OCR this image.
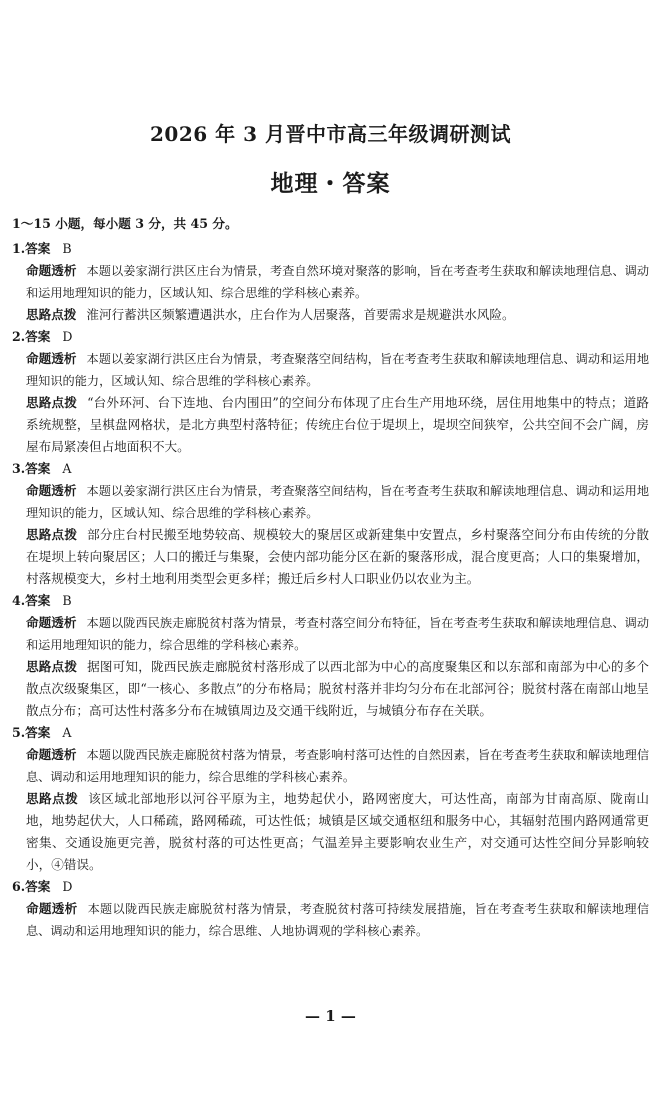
2026 年 3 月晋中市高三年级调研测试
地理・答案
1～15 小题，每小题 3 分，共 45 分。
1.答案 B
命题透析 本题以姜家湖行洪区庄台为情景，考查自然环境对聚落的影响，旨在考查考生获取和解读地理信息、调动和运用地理知识的能力，区域认知、综合思维的学科核心素养。
思路点拨 淮河行蓄洪区频繁遭遇洪水，庄台作为人居聚落，首要需求是规避洪水风险。
2.答案 D
命题透析 本题以姜家湖行洪区庄台为情景，考查聚落空间结构，旨在考查考生获取和解读地理信息、调动和运用地理知识的能力，区域认知、综合思维的学科核心素养。
思路点拨 “台外环河、台下连地、台内围田”的空间分布体现了庄台生产用地环绕，居住用地集中的特点；道路系统规整，呈棋盘网格状，是北方典型村落特征；传统庄台位于堤坝上，堤坝空间狭窄，公共空间不会广阔，房屋布局紧凑但占地面积不大。
3.答案 A
命题透析 本题以姜家湖行洪区庄台为情景，考查聚落空间结构，旨在考查考生获取和解读地理信息、调动和运用地理知识的能力，区域认知、综合思维的学科核心素养。
思路点拨 部分庄台村民搬至地势较高、规模较大的聚居区或新建集中安置点，乡村聚落空间分布由传统的分散在堤坝上转向聚居区；人口的搬迁与集聚，会使内部功能分区在新的聚落形成，混合度更高；人口的集聚增加，村落规模变大，乡村土地利用类型会更多样；搬迁后乡村人口职业仍以农业为主。
4.答案 B
命题透析 本题以陇西民族走廊脱贫村落为情景，考查村落空间分布特征，旨在考查考生获取和解读地理信息、调动和运用地理知识的能力，综合思维的学科核心素养。
思路点拨 据图可知，陇西民族走廊脱贫村落形成了以西北部为中心的高度聚集区和以东部和南部为中心的多个散点次级聚集区，即“一核心、多散点”的分布格局；脱贫村落并非均匀分布在北部河谷；脱贫村落在南部山地呈散点分布；高可达性村落多分布在城镇周边及交通干线附近，与城镇分布存在关联。
5.答案 A
命题透析 本题以陇西民族走廊脱贫村落为情景，考查影响村落可达性的自然因素，旨在考查考生获取和解读地理信息、调动和运用地理知识的能力，综合思维的学科核心素养。
思路点拨 该区域北部地形以河谷平原为主，地势起伏小，路网密度大，可达性高，南部为甘南高原、陇南山地，地势起伏大，人口稀疏，路网稀疏，可达性低；城镇是区域交通枢纽和服务中心，其辐射范围内路网通常更密集、交通设施更完善，脱贫村落的可达性更高；气温差异主要影响农业生产，对交通可达性空间分异影响较小，④错误。
6.答案 D
命题透析 本题以陇西民族走廊脱贫村落为情景，考查脱贫村落可持续发展措施，旨在考查考生获取和解读地理信息、调动和运用地理知识的能力，综合思维、人地协调观的学科核心素养。
— 1 —
